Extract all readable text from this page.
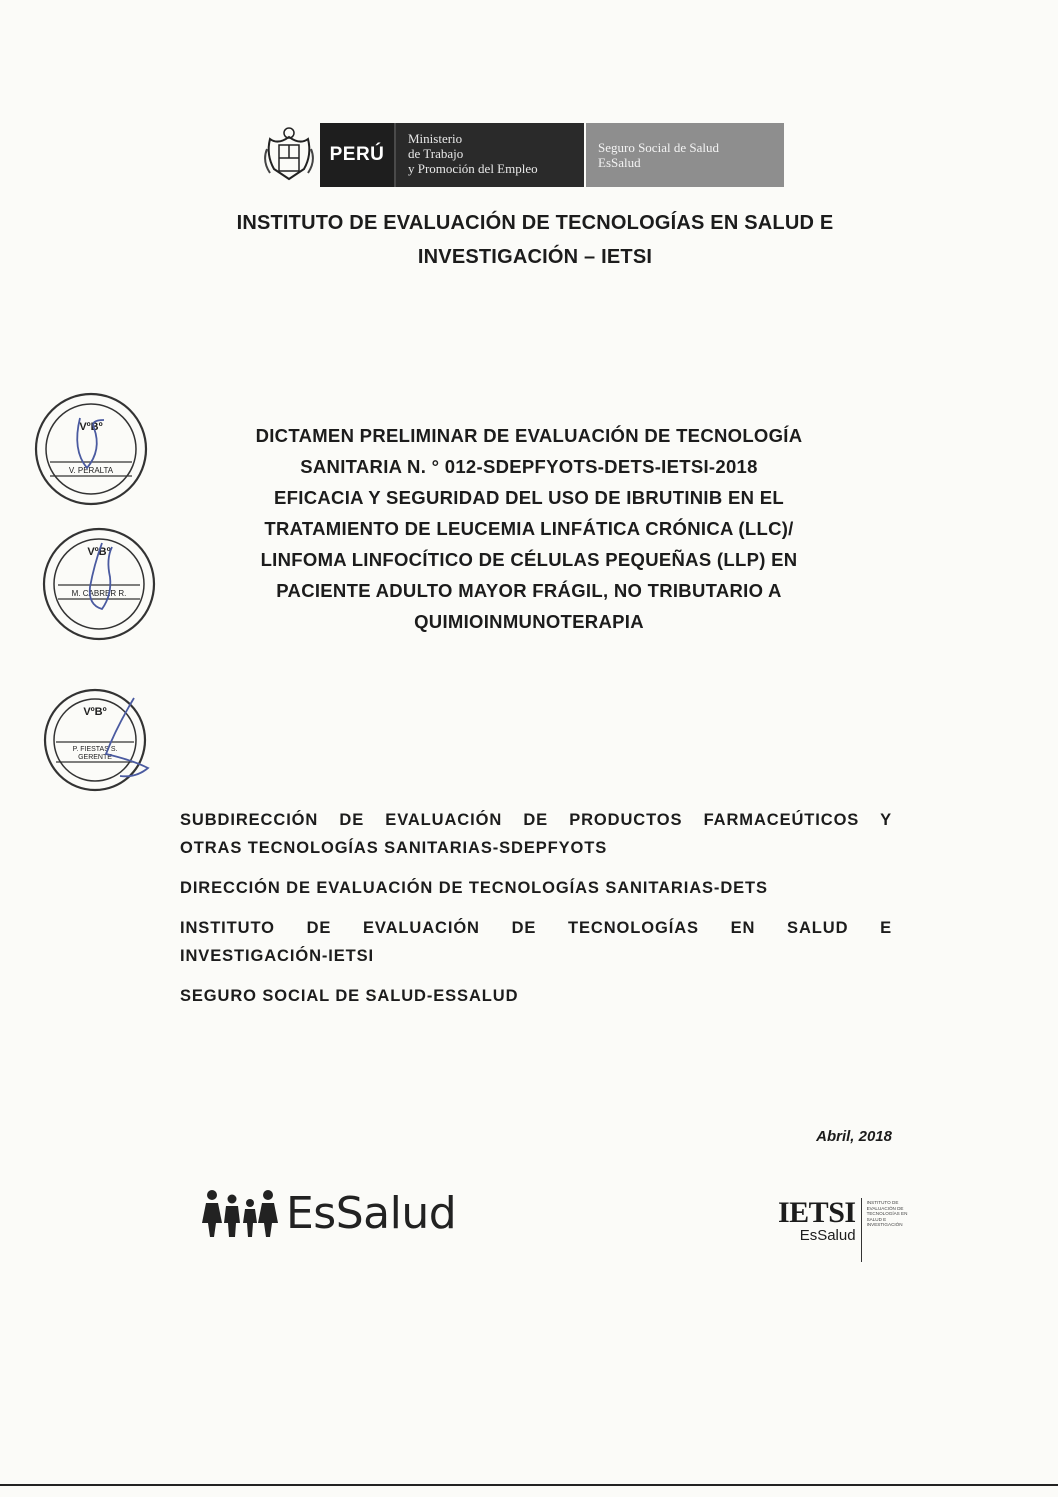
PERÚ
Ministerio
de Trabajo
y Promoción del Empleo
Seguro Social de Salud
EsSalud
INSTITUTO DE EVALUACIÓN DE TECNOLOGÍAS EN SALUD E
INVESTIGACIÓN – IETSI
VºBº
V. PERALTA
VºBº
M. CABRER R.
VºBº
P. FIESTAS S.
GERENTE
DICTAMEN PRELIMINAR DE EVALUACIÓN DE TECNOLOGÍA
SANITARIA N. ° 012-SDEPFYOTS-DETS-IETSI-2018
EFICACIA Y SEGURIDAD DEL USO DE IBRUTINIB EN EL
TRATAMIENTO DE LEUCEMIA LINFÁTICA CRÓNICA (LLC)/
LINFOMA LINFOCÍTICO DE CÉLULAS PEQUEÑAS (LLP) EN
PACIENTE ADULTO MAYOR FRÁGIL, NO TRIBUTARIO A
QUIMIOINMUNOTERAPIA
SUBDIRECCIÓN DE EVALUACIÓN DE PRODUCTOS FARMACEÚTICOS Y
OTRAS TECNOLOGÍAS SANITARIAS-SDEPFYOTS
DIRECCIÓN DE EVALUACIÓN DE TECNOLOGÍAS SANITARIAS-DETS
INSTITUTO DE EVALUACIÓN DE TECNOLOGÍAS EN SALUD E
INVESTIGACIÓN-IETSI
SEGURO SOCIAL DE SALUD-ESSALUD
Abril, 2018
EsSalud	IETSI
EsSalud
INSTITUTO DE
EVALUACIÓN DE
TECNOLOGÍAS EN
SALUD E
INVESTIGACIÓN
